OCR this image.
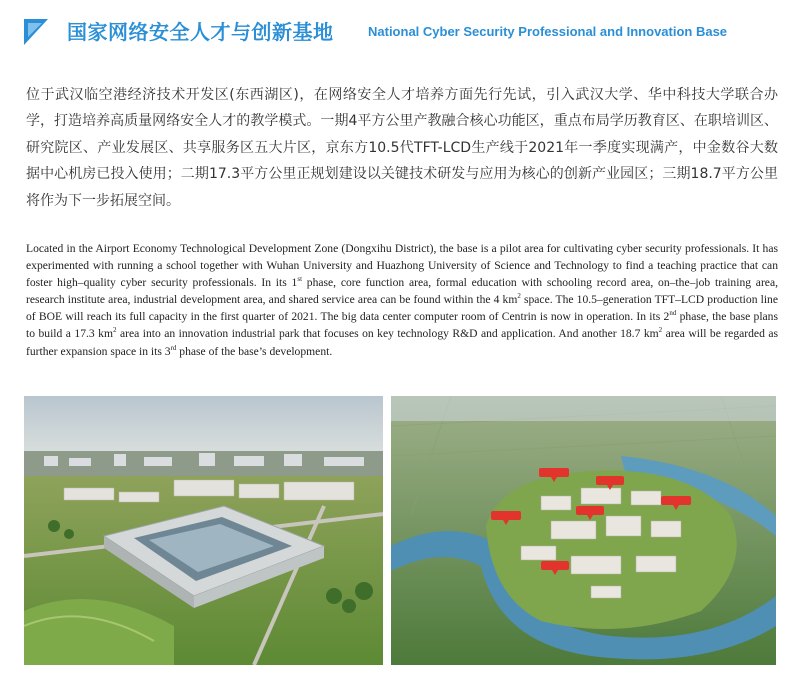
国家网络安全人才与创新基地	National Cyber Security Professional and Innovation Base

位于武汉临空港经济技术开发区(东西湖区)，在网络安全人才培养方面先行先试，引入武汉大学、华中科技大学联合办学，打造培养高质量网络安全人才的教学模式。一期4平方公里产教融合核心功能区，重点布局学历教育区、在职培训区、研究院区、产业发展区、共享服务区五大片区，京东方10.5代TFT-LCD生产线于2021年一季度实现满产，中金数谷大数据中心机房已投入使用；二期17.3平方公里正规划建设以关键技术研发与应用为核心的创新产业园区；三期18.7平方公里将作为下一步拓展空间。

Located in the Airport Economy Technological Development Zone (Dongxihu District), the base is a pilot area for cultivating cyber security professionals. It has experimented with running a school together with Wuhan University and Huazhong University of Science and Technology to find a teaching practice that can foster high–quality cyber security professionals. In its 1st phase, core function area, formal education with schooling record area, on–the–job training area, research institute area, industrial development area, and shared service area can be found within the 4 $km^2$ space. The 10.5–generation TFT–LCD production line of BOE will reach its full capacity in the first quarter of 2021. The big data center computer room of Centrin is now in operation. In its 2nd phase, the base plans to build a 17.3 $km^2$ area into an innovation industrial park that focuses on key technology R&D and application. And another 18.7 $km^2$ area will be regarded as further expansion space in its 3rd phase of the base’s development.
